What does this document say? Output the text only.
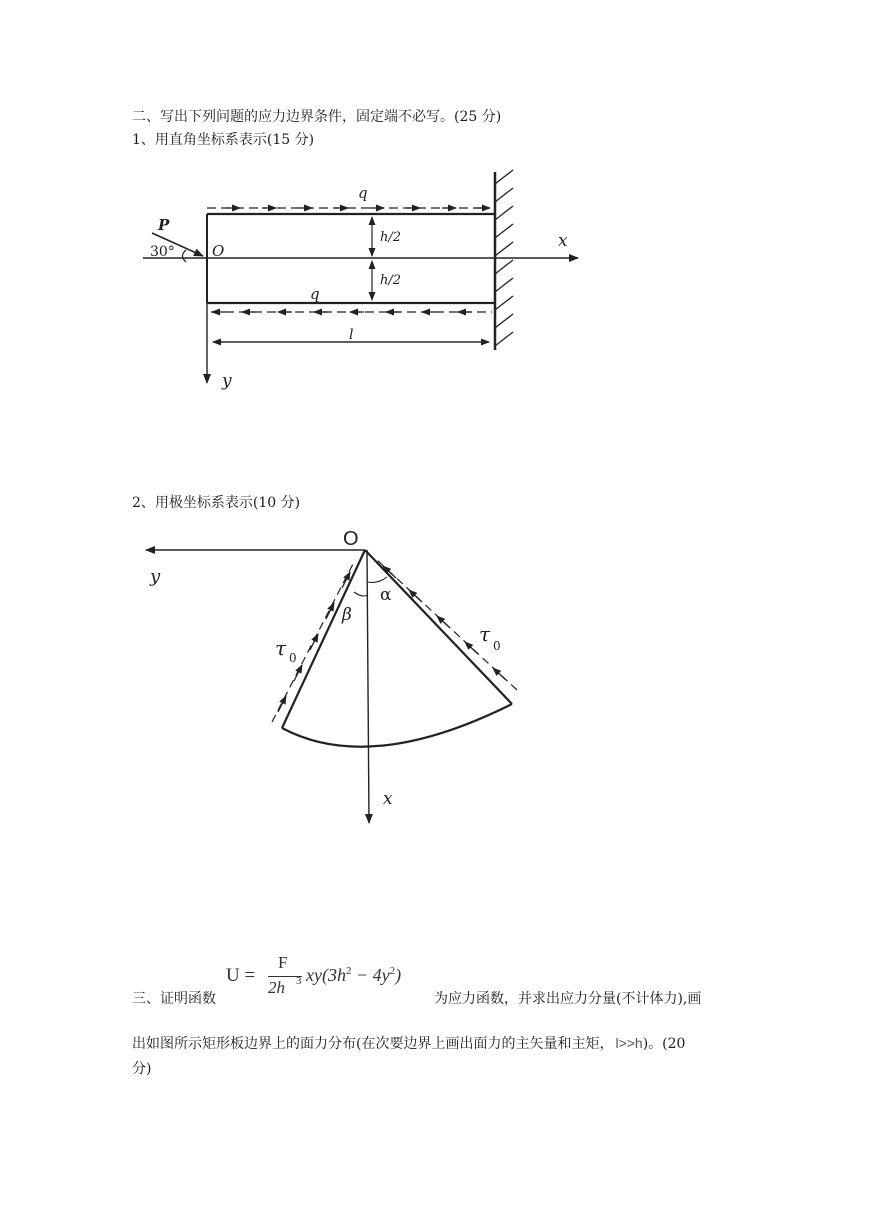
二、写出下列问题的应力边界条件，固定端不必写。(25 分)
1、用直角坐标系表示(15 分)
q
q
P
30° O
h/2
h/2
l
x
y
2、用极坐标系表示(10 分)
O
y
x
β
α
τ 0
τ 0
三、证明函数
U =
F
2h 3 $xy(3h^2 - 4y^2)$
为应力函数，并求出应力分量(不计体力),画
出如图所示矩形板边界上的面力分布(在次要边界上画出面力的主矢量和主矩， l>>h)。(20
分)
